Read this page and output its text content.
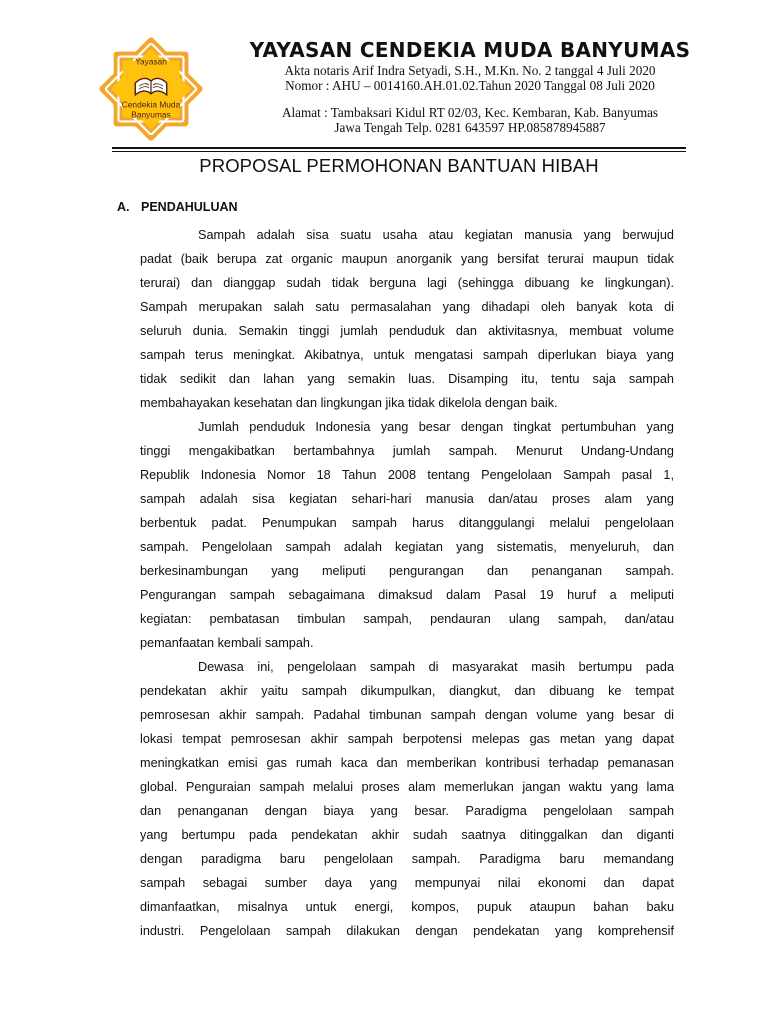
Yayasan
Cendekia Muda
Banyumas
YAYASAN CENDEKIA MUDA BANYUMAS
Akta notaris Arif Indra Setyadi, S.H., M.Kn. No. 2 tanggal 4 Juli 2020
Nomor : AHU – 0014160.AH.01.02.Tahun 2020 Tanggal 08 Juli 2020
Alamat : Tambaksari Kidul RT 02/03, Kec. Kembaran, Kab. Banyumas
Jawa Tengah Telp. 0281 643597 HP.085878945887
PROPOSAL PERMOHONAN BANTUAN HIBAH
A. PENDAHULUAN
Sampah adalah sisa suatu usaha atau kegiatan manusia yang berwujud
padat (baik berupa zat organic maupun anorganik yang bersifat terurai maupun tidak
terurai) dan dianggap sudah tidak berguna lagi (sehingga dibuang ke lingkungan).
Sampah merupakan salah satu permasalahan yang dihadapi oleh banyak kota di
seluruh dunia. Semakin tinggi jumlah penduduk dan aktivitasnya, membuat volume
sampah terus meningkat. Akibatnya, untuk mengatasi sampah diperlukan biaya yang
tidak sedikit dan lahan yang semakin luas. Disamping itu, tentu saja sampah
membahayakan kesehatan dan lingkungan jika tidak dikelola dengan baik.
Jumlah penduduk Indonesia yang besar dengan tingkat pertumbuhan yang
tinggi mengakibatkan bertambahnya jumlah sampah. Menurut Undang-Undang
Republik Indonesia Nomor 18 Tahun 2008 tentang Pengelolaan Sampah pasal 1,
sampah adalah sisa kegiatan sehari-hari manusia dan/atau proses alam yang
berbentuk padat. Penumpukan sampah harus ditanggulangi melalui pengelolaan
sampah. Pengelolaan sampah adalah kegiatan yang sistematis, menyeluruh, dan
berkesinambungan yang meliputi pengurangan dan penanganan sampah.
Pengurangan sampah sebagaimana dimaksud dalam Pasal 19 huruf a meliputi
kegiatan: pembatasan timbulan sampah, pendauran ulang sampah, dan/atau
pemanfaatan kembali sampah.
Dewasa ini, pengelolaan sampah di masyarakat masih bertumpu pada
pendekatan akhir yaitu sampah dikumpulkan, diangkut, dan dibuang ke tempat
pemrosesan akhir sampah. Padahal timbunan sampah dengan volume yang besar di
lokasi tempat pemrosesan akhir sampah berpotensi melepas gas metan yang dapat
meningkatkan emisi gas rumah kaca dan memberikan kontribusi terhadap pemanasan
global. Penguraian sampah melalui proses alam memerlukan jangan waktu yang lama
dan penanganan dengan biaya yang besar. Paradigma pengelolaan sampah
yang bertumpu pada pendekatan akhir sudah saatnya ditinggalkan dan diganti
dengan paradigma baru pengelolaan sampah. Paradigma baru memandang
sampah sebagai sumber daya yang mempunyai nilai ekonomi dan dapat
dimanfaatkan, misalnya untuk energi, kompos, pupuk ataupun bahan baku
industri. Pengelolaan sampah dilakukan dengan pendekatan yang komprehensif
